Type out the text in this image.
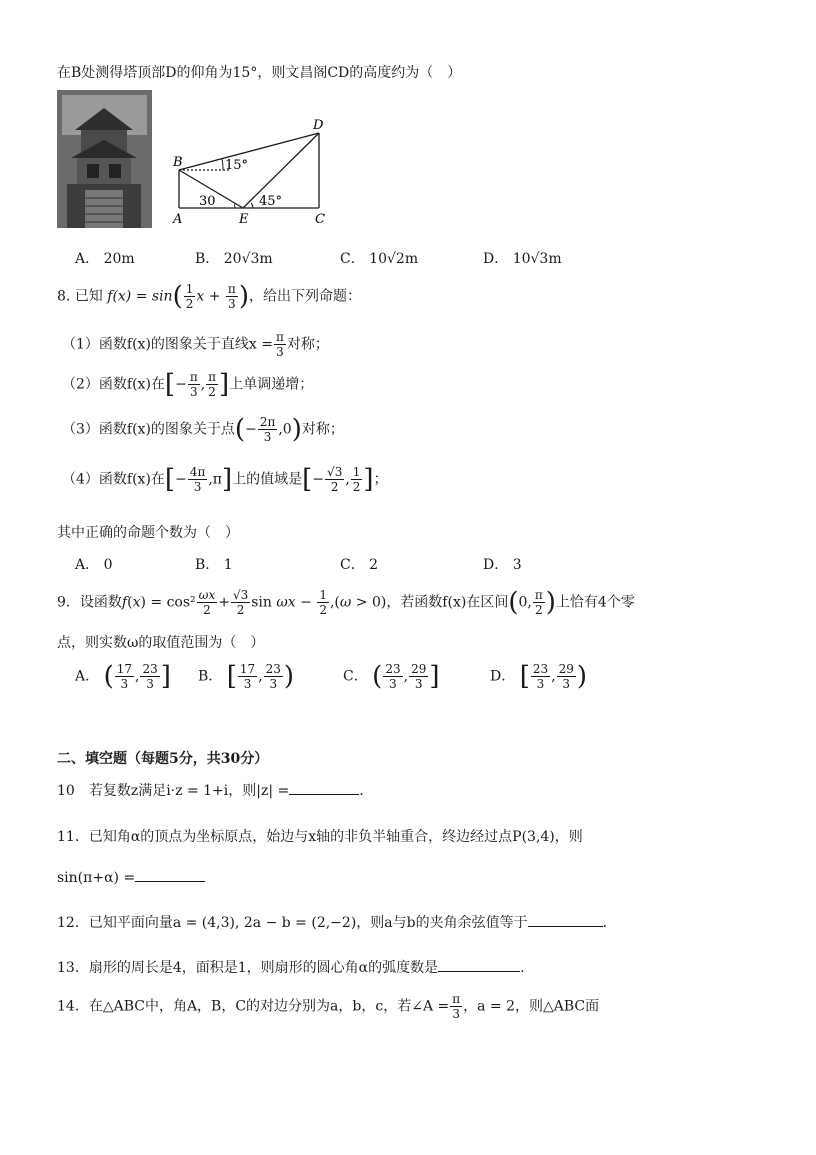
在B处测得塔顶部D的仰角为15°，则文昌阁CD的高度约为（　）
B
D
A	E	C
15°
30	45°
A． 20m	B． 20√3m	C． 10√2m	D． 10√3m
8. 已知 $f(x) = \sin( \frac{1}{2}$ $x + \frac{\pi}{3}$ )，给出下列命题：
（1）函数f(x)的图象关于直线$x = \frac{\pi}{3}$ 对称；
（2）函数f(x)在[− $\frac{\pi}{3}$ , $\frac{\pi}{2}$ ]上单调递增；
（3）函数f(x)的图象关于点(− $\frac{2\pi}{3} ,0$)对称；
（4）函数f(x)在[− $\frac{4\pi}{3} ,\pi$]上的值域是[− $\frac{√3}{2}$ , $\frac{1}{2}$ ]；
其中正确的命题个数为（　）
A． 0	B． 1	C． 2	D． 3
9．设函数$f(x) = \cos^2 \frac{\omega x}{2} + \frac{√3}{2}$ $\sin \omega x - \frac{1}{2} ,(\omega > 0)$，若函数f(x)在区间(0, $\frac{\pi}{2}$ )上恰有4个零
点，则实数ω的取值范围为（　）
A． ( $\frac{17}{3}$ , $\frac{23}{3}$ ] B． [ $\frac{17}{3}$ , $\frac{23}{3}$ )	C． ( $\frac{23}{3}$ , $\frac{29}{3}$ ]	D． [ $\frac{23}{3}$ , $\frac{29}{3}$ )
二、填空题（每题5分，共30分）
10　若复数z满足i·z = 1+i，则|z| =	.
11．已知角α的顶点为坐标原点，始边与x轴的非负半轴重合，终边经过点P(3,4)，则
sin(π+α) =
12．已知平面向量a = (4,3), 2a − b = (2,−2)，则a与b的夹角余弦值等于	.
13．扇形的周长是4，面积是1，则扇形的圆心角α的弧度数是	.
14．在△ABC中，角A，B，C的对边分别为a，b，c，若∠A = $\frac{\pi}{3}$ ，a = 2，则△ABC面
